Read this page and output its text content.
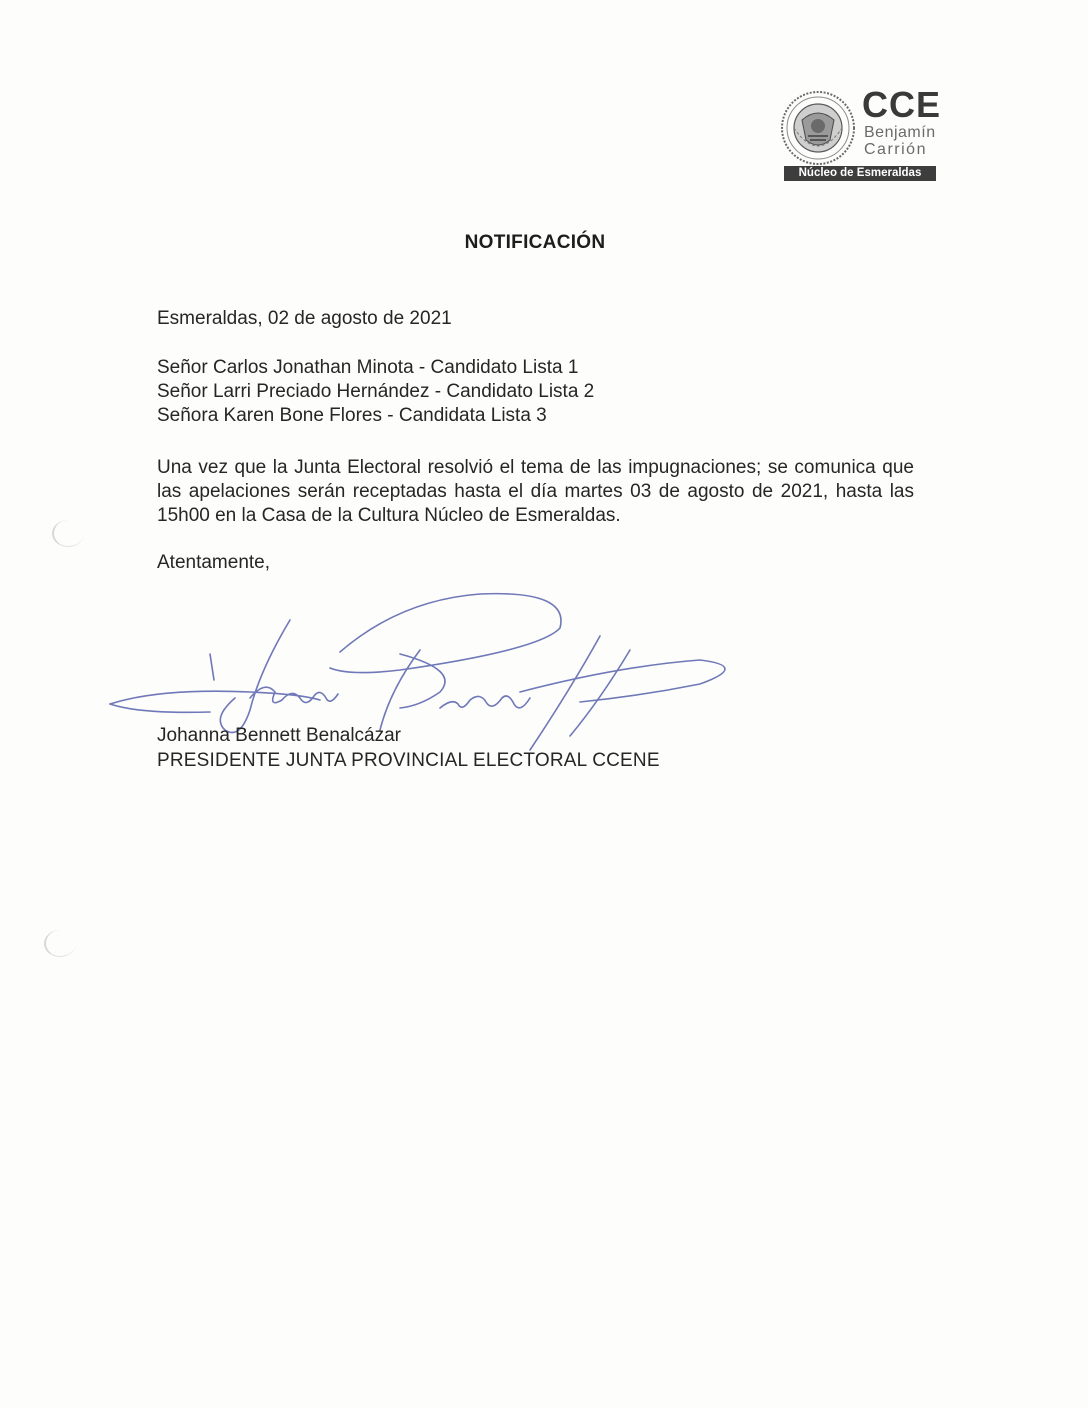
CCE
Benjamín
Carrión
Núcleo de Esmeraldas
NOTIFICACIÓN
Esmeraldas, 02 de agosto de 2021
Señor Carlos Jonathan Minota - Candidato Lista 1
Señor Larri Preciado Hernández - Candidato Lista 2
Señora Karen Bone Flores - Candidata Lista 3
Una vez que la Junta Electoral resolvió el tema de las impugnaciones; se comunica que las apelaciones serán receptadas hasta el día martes 03 de agosto de 2021, hasta las 15h00 en la Casa de la Cultura Núcleo de Esmeraldas.
Atentamente,
Johanna Bennett Benalcázar
PRESIDENTE JUNTA PROVINCIAL ELECTORAL CCENE
